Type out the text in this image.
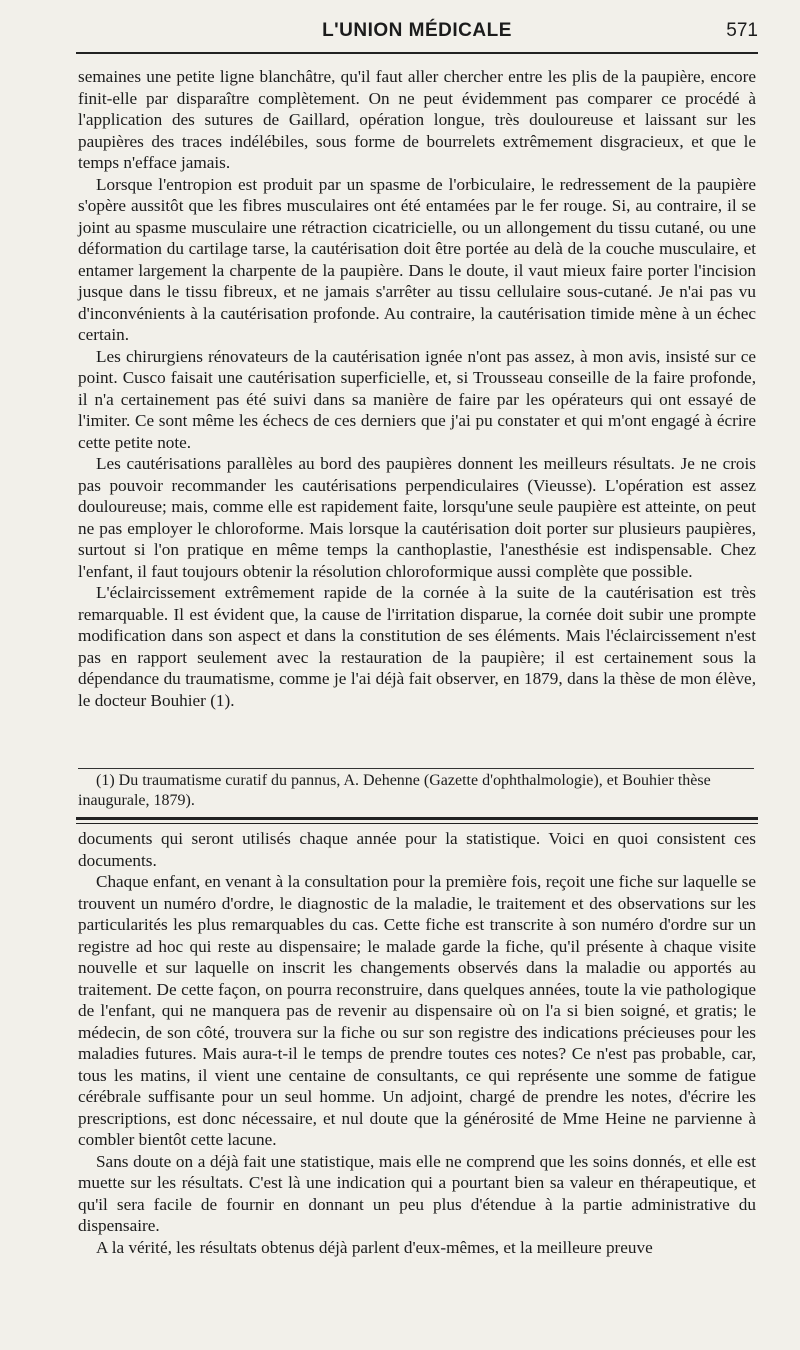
L'UNION MÉDICALE	571

semaines une petite ligne blanchâtre, qu'il faut aller chercher entre les plis de la paupière, encore finit-elle par disparaître complètement. On ne peut évidemment pas comparer ce procédé à l'application des sutures de Gaillard, opération longue, très douloureuse et laissant sur les paupières des traces indélébiles, sous forme de bourrelets extrêmement disgracieux, et que le temps n'efface jamais.

Lorsque l'entropion est produit par un spasme de l'orbiculaire, le redressement de la paupière s'opère aussitôt que les fibres musculaires ont été entamées par le fer rouge. Si, au contraire, il se joint au spasme musculaire une rétraction cicatricielle, ou un allongement du tissu cutané, ou une déformation du cartilage tarse, la cautérisation doit être portée au delà de la couche musculaire, et entamer largement la charpente de la paupière. Dans le doute, il vaut mieux faire porter l'incision jusque dans le tissu fibreux, et ne jamais s'arrêter au tissu cellulaire sous-cutané. Je n'ai pas vu d'inconvénients à la cautérisation profonde. Au contraire, la cautérisation timide mène à un échec certain.

Les chirurgiens rénovateurs de la cautérisation ignée n'ont pas assez, à mon avis, insisté sur ce point. Cusco faisait une cautérisation superficielle, et, si Trousseau conseille de la faire profonde, il n'a certainement pas été suivi dans sa manière de faire par les opérateurs qui ont essayé de l'imiter. Ce sont même les échecs de ces derniers que j'ai pu constater et qui m'ont engagé à écrire cette petite note.

Les cautérisations parallèles au bord des paupières donnent les meilleurs résultats. Je ne crois pas pouvoir recommander les cautérisations perpendiculaires (Vieusse). L'opération est assez douloureuse; mais, comme elle est rapidement faite, lorsqu'une seule paupière est atteinte, on peut ne pas employer le chloroforme. Mais lorsque la cautérisation doit porter sur plusieurs paupières, surtout si l'on pratique en même temps la canthoplastie, l'anesthésie est indispensable. Chez l'enfant, il faut toujours obtenir la résolution chloroformique aussi complète que possible.

L'éclaircissement extrêmement rapide de la cornée à la suite de la cautérisation est très remarquable. Il est évident que, la cause de l'irritation disparue, la cornée doit subir une prompte modification dans son aspect et dans la constitution de ses éléments. Mais l'éclaircissement n'est pas en rapport seulement avec la restauration de la paupière; il est certainement sous la dépendance du traumatisme, comme je l'ai déjà fait observer, en 1879, dans la thèse de mon élève, le docteur Bouhier (1).

(1) Du traumatisme curatif du pannus, A. Dehenne (Gazette d'ophthalmologie), et Bouhier thèse inaugurale, 1879).

documents qui seront utilisés chaque année pour la statistique. Voici en quoi consistent ces documents.

Chaque enfant, en venant à la consultation pour la première fois, reçoit une fiche sur laquelle se trouvent un numéro d'ordre, le diagnostic de la maladie, le traitement et des observations sur les particularités les plus remarquables du cas. Cette fiche est transcrite à son numéro d'ordre sur un registre ad hoc qui reste au dispensaire; le malade garde la fiche, qu'il présente à chaque visite nouvelle et sur laquelle on inscrit les changements observés dans la maladie ou apportés au traitement. De cette façon, on pourra reconstruire, dans quelques années, toute la vie pathologique de l'enfant, qui ne manquera pas de revenir au dispensaire où on l'a si bien soigné, et gratis; le médecin, de son côté, trouvera sur la fiche ou sur son registre des indications précieuses pour les maladies futures. Mais aura-t-il le temps de prendre toutes ces notes? Ce n'est pas probable, car, tous les matins, il vient une centaine de consultants, ce qui représente une somme de fatigue cérébrale suffisante pour un seul homme. Un adjoint, chargé de prendre les notes, d'écrire les prescriptions, est donc nécessaire, et nul doute que la générosité de Mme Heine ne parvienne à combler bientôt cette lacune.

Sans doute on a déjà fait une statistique, mais elle ne comprend que les soins donnés, et elle est muette sur les résultats. C'est là une indication qui a pourtant bien sa valeur en thérapeutique, et qu'il sera facile de fournir en donnant un peu plus d'étendue à la partie administrative du dispensaire.

A la vérité, les résultats obtenus déjà parlent d'eux-mêmes, et la meilleure preuve
